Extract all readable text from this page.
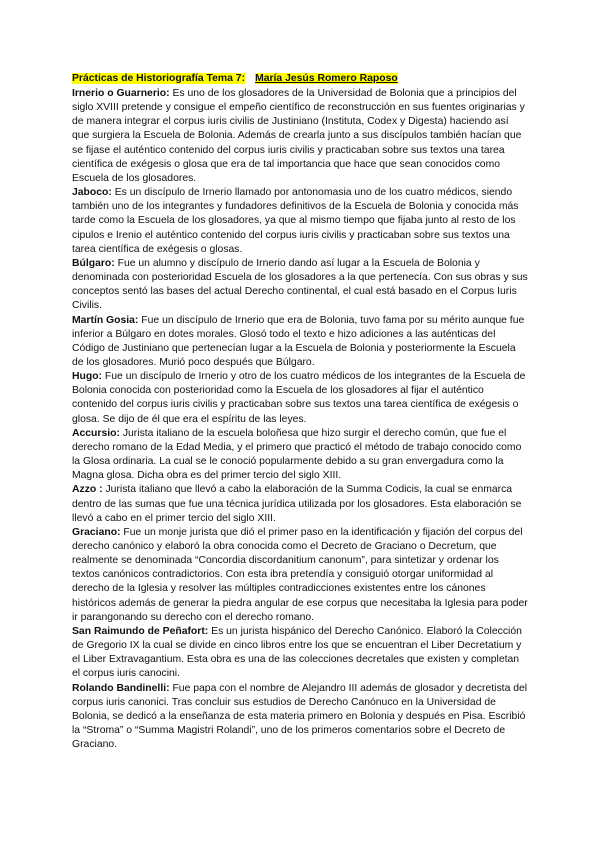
Prácticas de Historiografía Tema 7: María Jesús Romero Raposo

Irnerio o Guarnerio: Es uno de los glosadores de la Universidad de Bolonia que a principios del siglo XVIII pretende y consigue el empeño científico de reconstrucción en sus fuentes originarias y de manera integrar el corpus iuris civilis de Justiniano (Instituta, Codex y Digesta) haciendo así que surgiera la Escuela de Bolonia. Además de crearla junto a sus discípulos también hacían que se fijase el auténtico contenido del corpus iuris civilis y practicaban sobre sus textos una tarea científica de exégesis o glosa que era de tal importancia que hace que sean conocidos como Escuela de los glosadores.

Jaboco: Es un discípulo de Irnerio llamado por antonomasia uno de los cuatro médicos, siendo también uno de los integrantes y fundadores definitivos de la Escuela de Bolonia y conocida más tarde como la Escuela de los glosadores, ya que al mismo tiempo que fijaba junto al resto de los cipulos e Irenio el auténtico contenido del corpus iuris civilis y practicaban sobre sus textos una tarea científica de exégesis o glosas.

Búlgaro: Fue un alumno y discípulo de Irnerio dando así lugar a la Escuela de Bolonia y denominada con posterioridad Escuela de los glosadores a la que pertenecía. Con sus obras y sus conceptos sentó las bases del actual Derecho continental, el cual está basado en el Corpus Iuris Civilis.

Martín Gosia: Fue un discípulo de Irnerio que era de Bolonia, tuvo fama por su mérito aunque fue inferior a Búlgaro en dotes morales. Glosó todo el texto e hizo adiciones a las auténticas del Código de Justiniano que pertenecían lugar a la Escuela de Bolonia y posteriormente la Escuela de los glosadores. Murió poco después que Búlgaro.

Hugo: Fue un discípulo de Irnerio y otro de los cuatro médicos de los integrantes de la Escuela de Bolonia conocida con posterioridad como la Escuela de los glosadores al fijar el auténtico contenido del corpus iuris civilis y practicaban sobre sus textos una tarea científica de exégesis o glosa. Se dijo de él que era el espíritu de las leyes.

Accursio: Jurista italiano de la escuela boloñesa que hizo surgir el derecho común, que fue el derecho romano de la Edad Media, y el primero que practicó el método de trabajo conocido como la Glosa ordinaria. La cual se le conoció popularmente debido a su gran envergadura como la Magna glosa. Dicha obra es del primer tercio del siglo XIII.

Azzo : Jurista italiano que llevó a cabo la elaboración de la Summa Codicis, la cual se enmarca dentro de las sumas que fue una técnica jurídica utilizada por los glosadores. Esta elaboración se llevó a cabo en el primer tercio del siglo XIII.

Graciano: Fue un monje jurista que dió el primer paso en la identificación y fijación del corpus del derecho canónico y elaboró la obra conocida como el Decreto de Graciano o Decretum, que realmente se denominada “Concordia discordanitium canonum”, para sintetizar y ordenar los textos canónicos contradictorios. Con esta ibra pretendía y consiguió otorgar uniformidad al derecho de la Iglesia y resolver las múltiples contradicciones existentes entre los cánones históricos además de generar la piedra angular de ese corpus que necesitaba la Iglesia para poder ir parangonando su derecho con el derecho romano.

San Raimundo de Peñafort: Es un jurista hispánico del Derecho Canónico. Elaboró la Colección de Gregorio IX la cual se divide en cinco libros entre los que se encuentran el Liber Decretatium y el Liber Extravagantium. Esta obra es una de las colecciones decretales que existen y completan el corpus iuris canocini.

Rolando Bandinelli: Fue papa con el nombre de Alejandro III además de glosador y decretista del corpus iuris canonici. Tras concluir sus estudios de Derecho Canónuco en la Universidad de Bolonia, se dedicó a la enseñanza de esta materia primero en Bolonia y después en Pisa. Escribió la “Stroma” o “Summa Magistri Rolandi”, uno de los primeros comentarios sobre el Decreto de Graciano.
